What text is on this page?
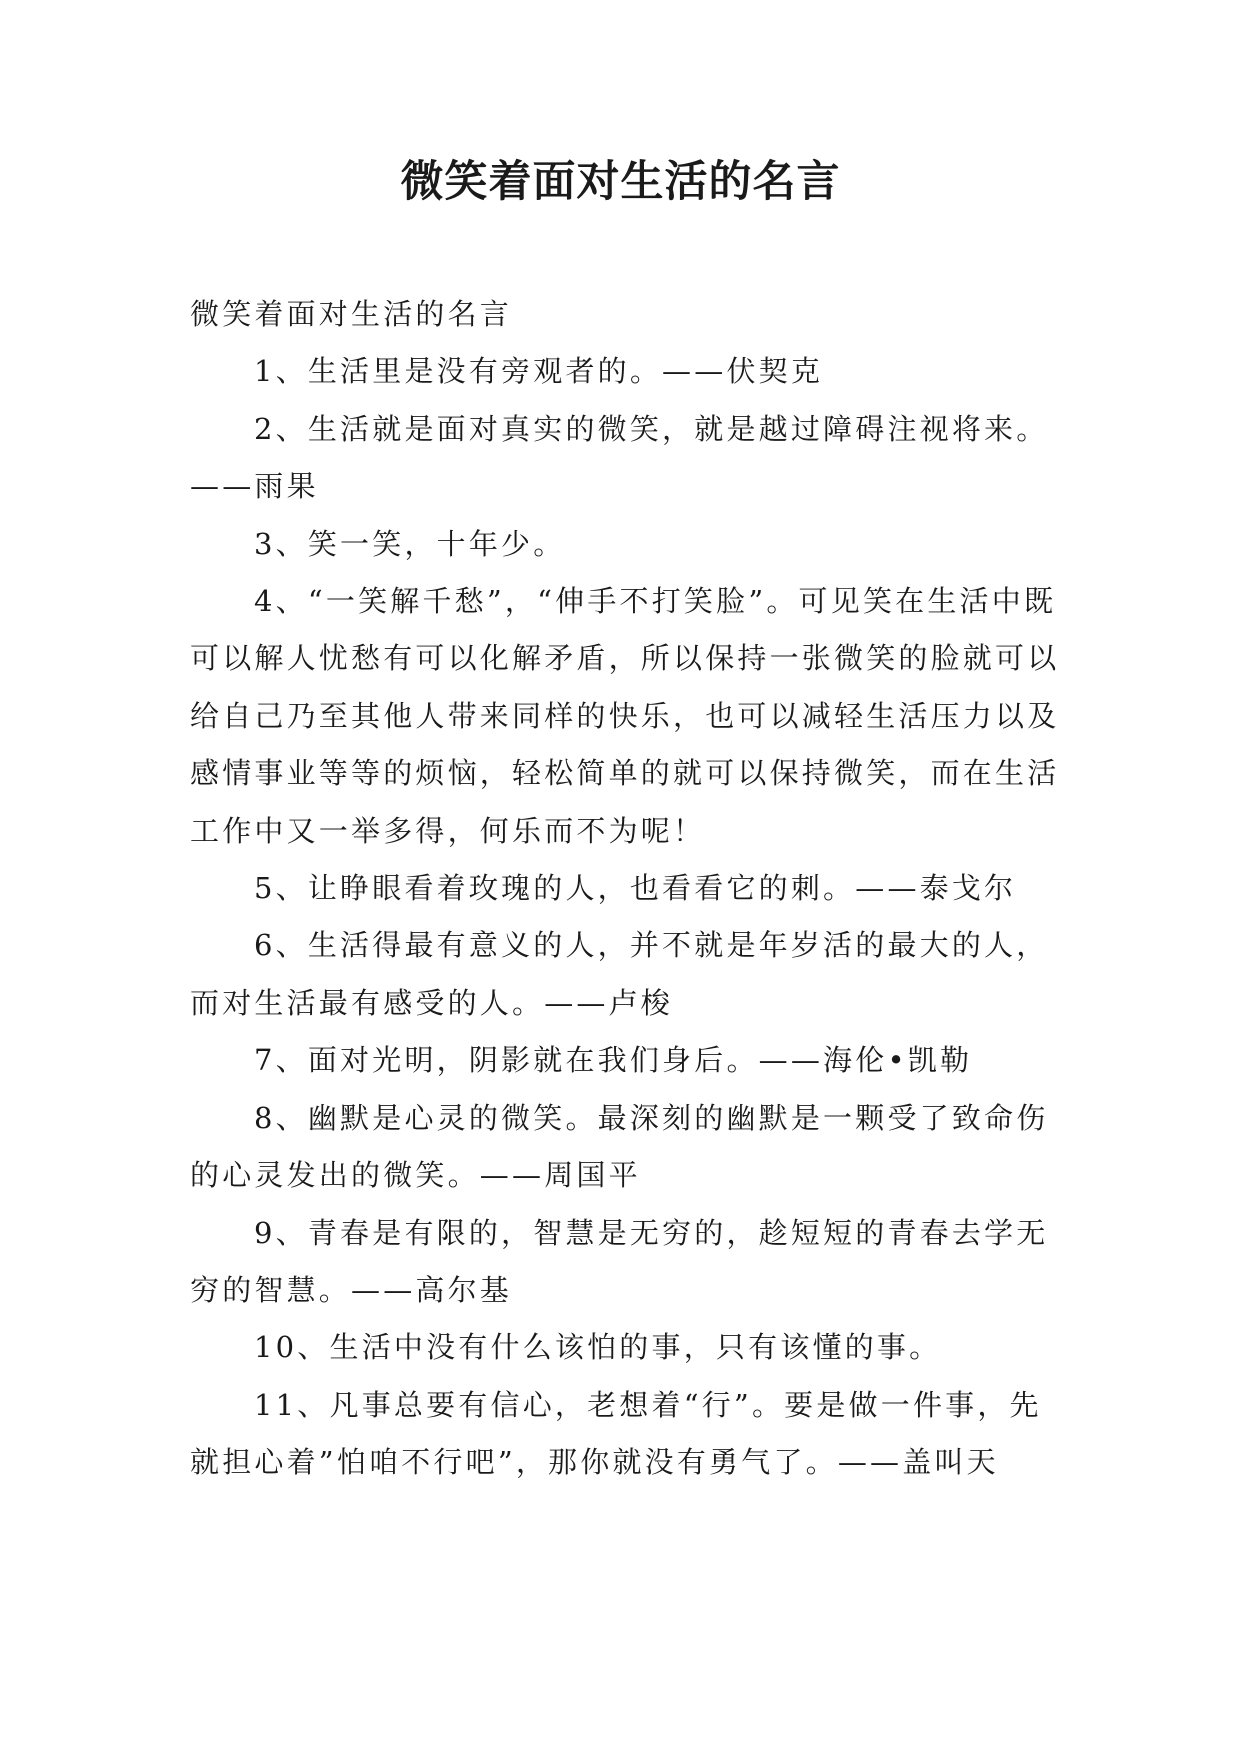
微笑着面对生活的名言

微笑着面对生活的名言

1、生活里是没有旁观者的。——伏契克

2、生活就是面对真实的微笑，就是越过障碍注视将来。——雨果

3、笑一笑，十年少。

4、“一笑解千愁”，“伸手不打笑脸”。可见笑在生活中既可以解人忧愁有可以化解矛盾，所以保持一张微笑的脸就可以给自己乃至其他人带来同样的快乐，也可以减轻生活压力以及感情事业等等的烦恼，轻松简单的就可以保持微笑，而在生活工作中又一举多得，何乐而不为呢！

5、让睁眼看着玫瑰的人，也看看它的刺。——泰戈尔

6、生活得最有意义的人，并不就是年岁活的最大的人，而对生活最有感受的人。——卢梭

7、面对光明，阴影就在我们身后。——海伦•凯勒

8、幽默是心灵的微笑。最深刻的幽默是一颗受了致命伤的心灵发出的微笑。——周国平

9、青春是有限的，智慧是无穷的，趁短短的青春去学无穷的智慧。——高尔基

10、生活中没有什么该怕的事，只有该懂的事。

11、凡事总要有信心，老想着“行”。要是做一件事，先就担心着”怕咱不行吧”，那你就没有勇气了。——盖叫天
